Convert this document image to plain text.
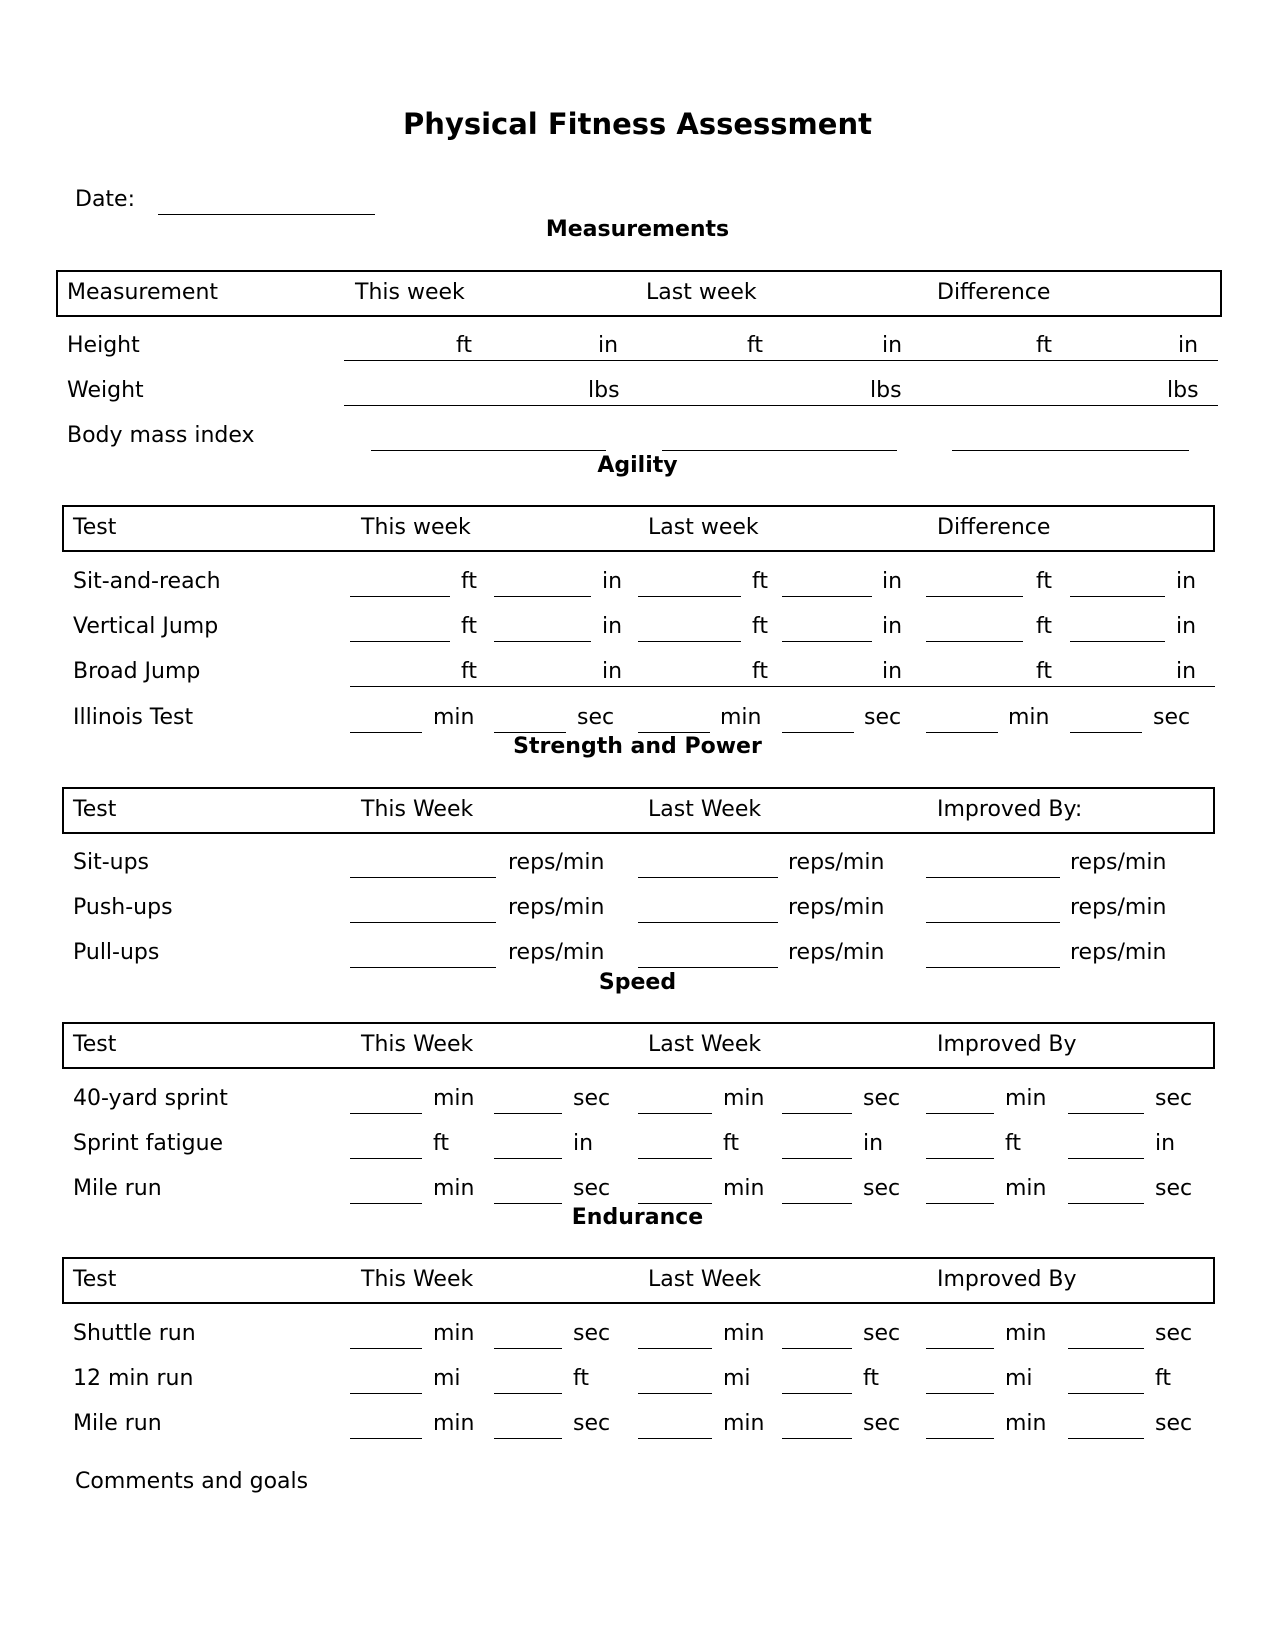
Physical Fitness Assessment
Date:
Measurements
Measurement	This week	Last week	Difference
Height	ft	in	ft	in	ft	in
Weight	lbs	lbs	lbs
Body mass index
Agility
Test	This week	Last week	Difference
Sit-and-reach	ft	in	ft	in	ft	in
Vertical Jump	ft	in	ft	in	ft	in
Broad Jump	ft	in	ft	in	ft	in
Illinois Test	min	sec	min	sec	min	sec
Strength and Power
Test	This Week	Last Week	Improved By:
Sit-ups	reps/min	reps/min	reps/min
Push-ups	reps/min	reps/min	reps/min
Pull-ups	reps/min	reps/min	reps/min
Speed
Test	This Week	Last Week	Improved By
40-yard sprint	min	sec	min	sec	min	sec
Sprint fatigue	ft	in	ft	in	ft	in
Mile run	min	sec	min	sec	min	sec
Endurance
Test	This Week	Last Week	Improved By
Shuttle run	min	sec	min	sec	min	sec
12 min run	mi	ft	mi	ft	mi	ft
Mile run	min	sec	min	sec	min	sec
Comments and goals
